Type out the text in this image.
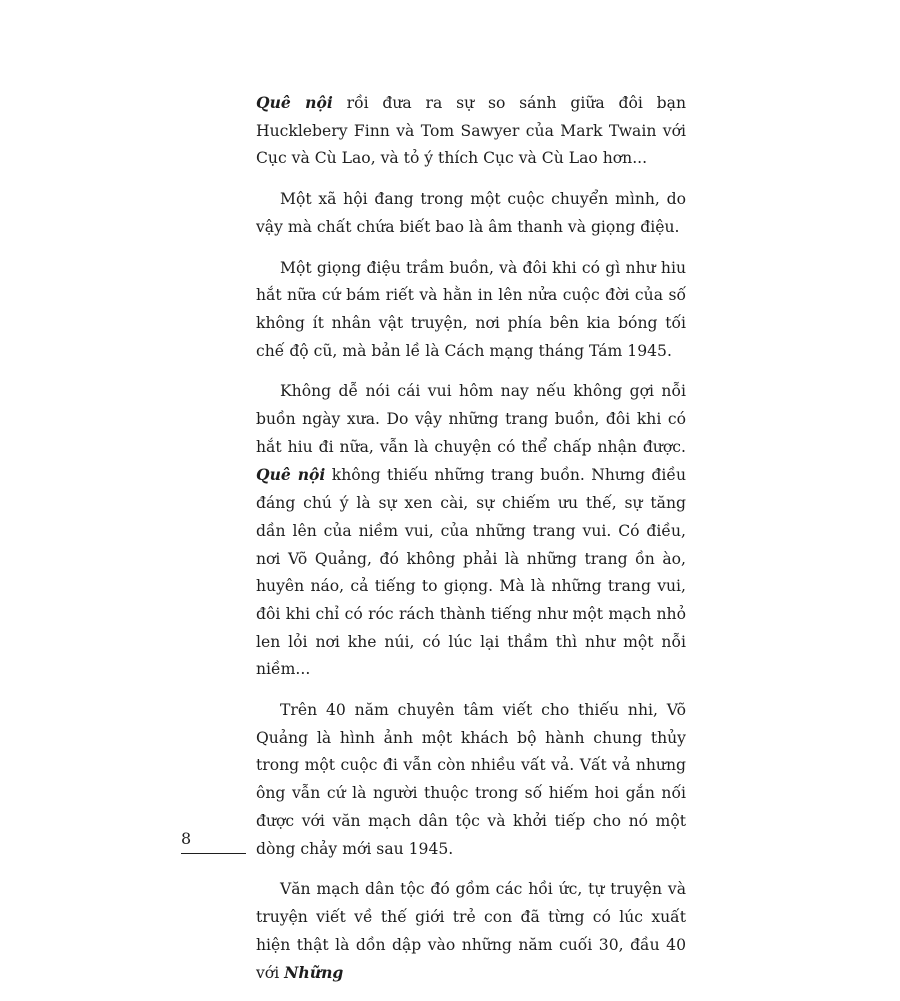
Quê nội rồi đưa ra sự so sánh giữa đôi bạn Hucklebery Finn và Tom Sawyer của Mark Twain với Cục và Cù Lao, và tỏ ý thích Cục và Cù Lao hơn...

Một xã hội đang trong một cuộc chuyển mình, do vậy mà chất chứa biết bao là âm thanh và giọng điệu.

Một giọng điệu trầm buồn, và đôi khi có gì như hiu hắt nữa cứ bám riết và hằn in lên nửa cuộc đời của số không ít nhân vật truyện, nơi phía bên kia bóng tối chế độ cũ, mà bản lề là Cách mạng tháng Tám 1945.

Không dễ nói cái vui hôm nay nếu không gợi nỗi buồn ngày xưa. Do vậy những trang buồn, đôi khi có hắt hiu đi nữa, vẫn là chuyện có thể chấp nhận được. Quê nội không thiếu những trang buồn. Nhưng điều đáng chú ý là sự xen cài, sự chiếm ưu thế, sự tăng dần lên của niềm vui, của những trang vui. Có điều, nơi Võ Quảng, đó không phải là những trang ồn ào, huyên náo, cả tiếng to giọng. Mà là những trang vui, đôi khi chỉ có róc rách thành tiếng như một mạch nhỏ len lỏi nơi khe núi, có lúc lại thầm thì như một nỗi niềm...

Trên 40 năm chuyên tâm viết cho thiếu nhi, Võ Quảng là hình ảnh một khách bộ hành chung thủy trong một cuộc đi vẫn còn nhiều vất vả. Vất vả nhưng ông vẫn cứ là người thuộc trong số hiếm hoi gắn nối được với văn mạch dân tộc và khởi tiếp cho nó một dòng chảy mới sau 1945.

Văn mạch dân tộc đó gồm các hồi ức, tự truyện và truyện viết về thế giới trẻ con đã từng có lúc xuất hiện thật là dồn dập vào những năm cuối 30, đầu 40 với Những

8
